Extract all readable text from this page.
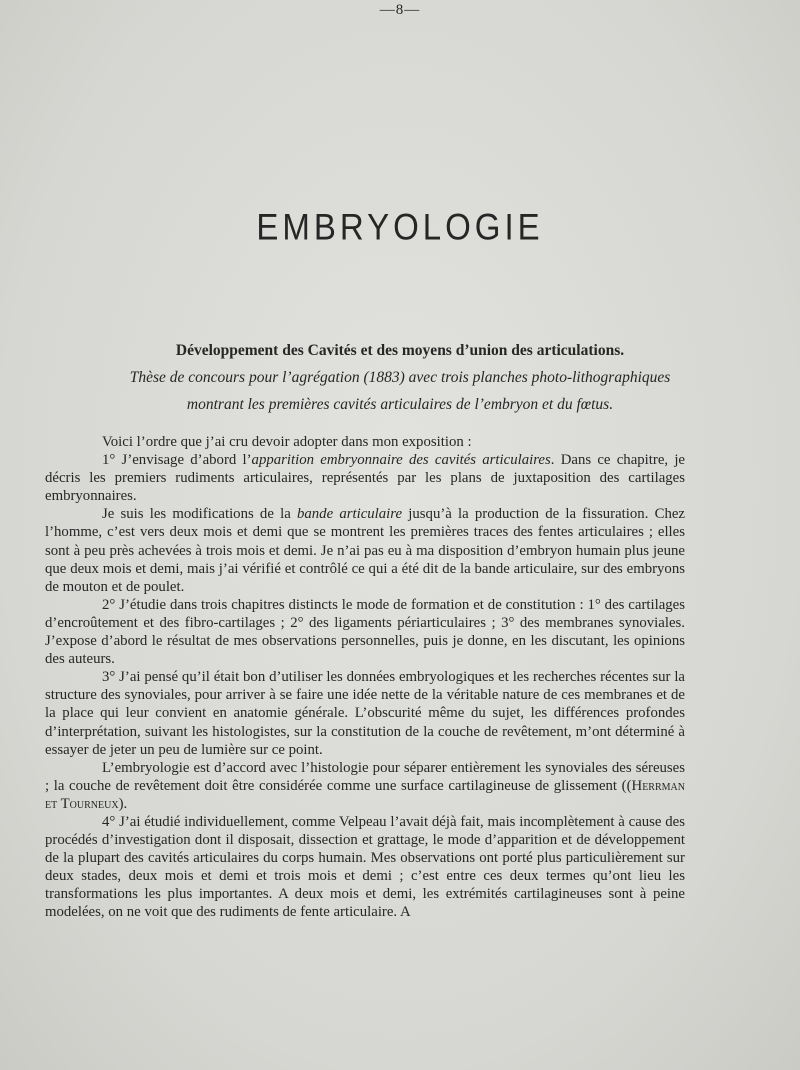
—8—
EMBRYOLOGIE
Développement des Cavités et des moyens d’union des articulations.

Thèse de concours pour l’agrégation (1883) avec trois planches photo-lithographiques

montrant les premières cavités articulaires de l’embryon et du fœtus.

Voici l’ordre que j’ai cru devoir adopter dans mon exposition :

1° J’envisage d’abord l’apparition embryonnaire des cavités articulaires. Dans ce chapitre, je décris les premiers rudiments articulaires, représentés par les plans de juxtaposition des cartilages embryonnaires.

Je suis les modifications de la bande articulaire jusqu’à la production de la fissuration. Chez l’homme, c’est vers deux mois et demi que se montrent les premières traces des fentes articulaires ; elles sont à peu près achevées à trois mois et demi. Je n’ai pas eu à ma disposition d’embryon humain plus jeune que deux mois et demi, mais j’ai vérifié et contrôlé ce qui a été dit de la bande articulaire, sur des embryons de mouton et de poulet.

2° J’étudie dans trois chapitres distincts le mode de formation et de constitution : 1° des cartilages d’encroûtement et des fibro-cartilages ; 2° des ligaments périarticulaires ; 3° des membranes synoviales. J’expose d’abord le résultat de mes observations personnelles, puis je donne, en les discutant, les opinions des auteurs.

3° J’ai pensé qu’il était bon d’utiliser les données embryologiques et les recherches récentes sur la structure des synoviales, pour arriver à se faire une idée nette de la véritable nature de ces membranes et de la place qui leur convient en anatomie générale. L’obscurité même du sujet, les différences profondes d’interprétation, suivant les histologistes, sur la constitution de la couche de revêtement, m’ont déterminé à essayer de jeter un peu de lumière sur ce point.

L’embryologie est d’accord avec l’histologie pour séparer entièrement les synoviales des séreuses ; la couche de revêtement doit être considérée comme une surface cartilagineuse de glissement ((Herrman et Tourneux).

4° J’ai étudié individuellement, comme Velpeau l’avait déjà fait, mais incomplètement à cause des procédés d’investigation dont il disposait, dissection et grattage, le mode d’apparition et de développement de la plupart des cavités articulaires du corps humain. Mes observations ont porté plus particulièrement sur deux stades, deux mois et demi et trois mois et demi ; c’est entre ces deux termes qu’ont lieu les transformations les plus importantes. A deux mois et demi, les extrémités cartilagineuses sont à peine modelées, on ne voit que des rudiments de fente articulaire. A
